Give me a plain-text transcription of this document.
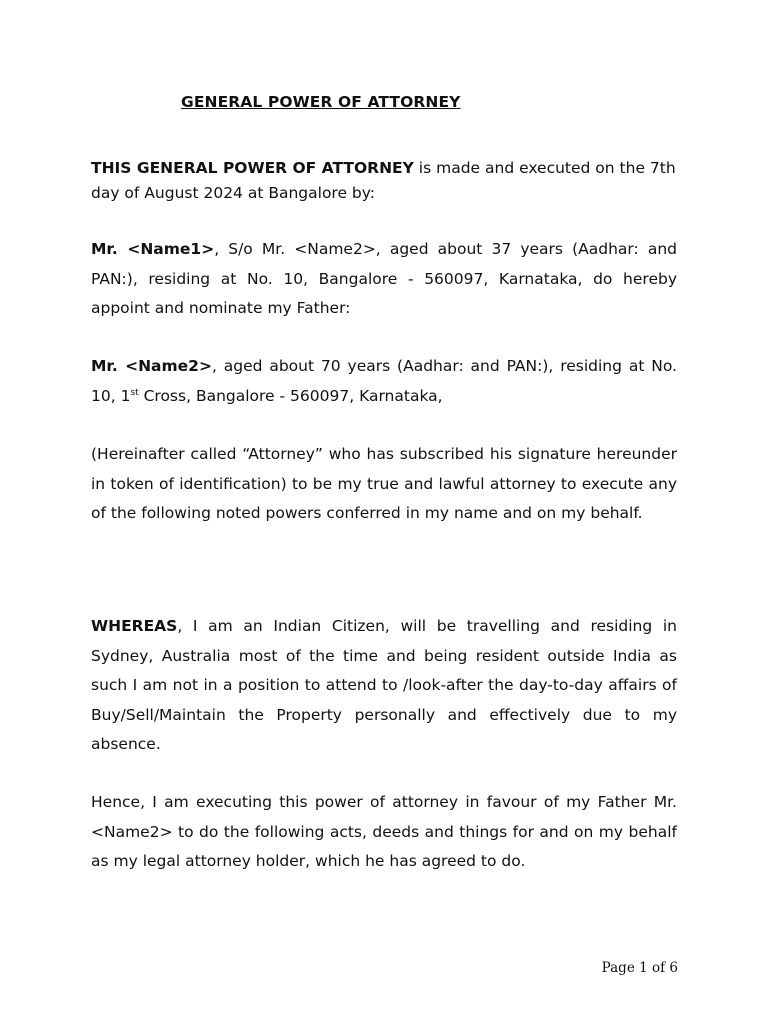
GENERAL POWER OF ATTORNEY
THIS GENERAL POWER OF ATTORNEY is made and executed on the 7th day of August 2024 at Bangalore by:
Mr. <Name1>, S/o Mr. <Name2>, aged about 37 years (Aadhar: and PAN:), residing at No. 10, Bangalore - 560097, Karnataka, do hereby appoint and nominate my Father:
Mr. <Name2>, aged about 70 years (Aadhar: and PAN:), residing at No. 10, 1st Cross, Bangalore - 560097, Karnataka,
(Hereinafter called “Attorney” who has subscribed his signature hereunder in token of identification) to be my true and lawful attorney to execute any of the following noted powers conferred in my name and on my behalf.
WHEREAS, I am an Indian Citizen, will be travelling and residing in Sydney, Australia most of the time and being resident outside India as such I am not in a position to attend to /look-after the day-to-day affairs of Buy/Sell/Maintain the Property personally and effectively due to my absence.
Hence, I am executing this power of attorney in favour of my Father Mr. <Name2> to do the following acts, deeds and things for and on my behalf as my legal attorney holder, which he has agreed to do.
Page 1 of 6
